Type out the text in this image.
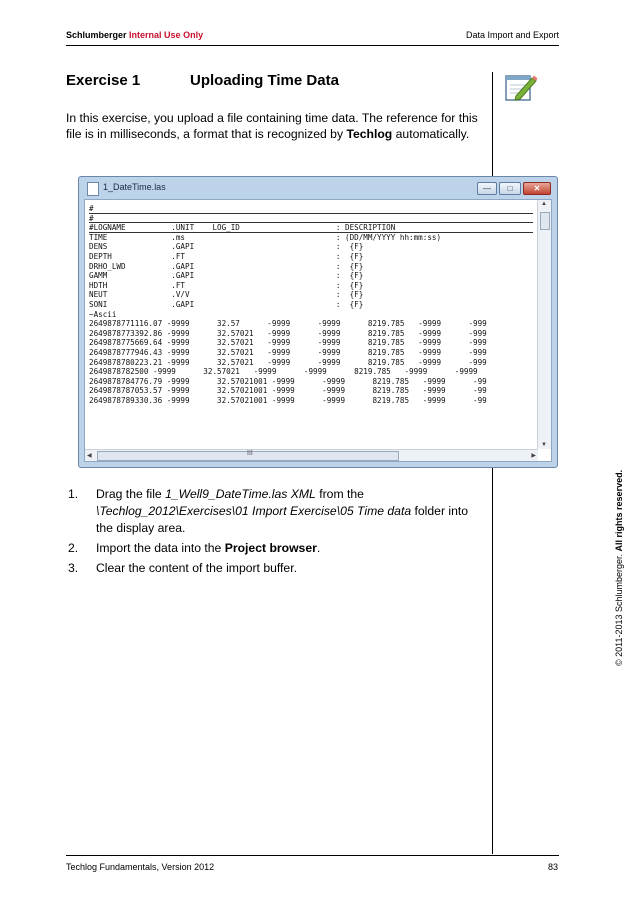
Schlumberger Internal Use Only	Data Import and Export
Exercise 1	Uploading Time Data
In this exercise, you upload a file containing time data. The reference for this file is in milliseconds, a format that is recognized by Techlog automatically.
1_DateTime.las	—	□	✕
#
#
#LOGNAME          .UNIT    LOG_ID                     : DESCRIPTION
TIME              .ms                                 : (DD/MM/YYYY hh:mm:ss)
DENS              .GAPI                               :  {F}
DEPTH             .FT                                 :  {F}
DRHO_LWD          .GAPI                               :  {F}
GAMM              .GAPI                               :  {F}
HDTH              .FT                                 :  {F}
NEUT              .V/V                                :  {F}
SONI              .GAPI                               :  {F}
~Ascii
2649878771116.07 -9999      32.57      -9999      -9999      8219.785   -9999      -999
2649878773392.86 -9999      32.57021   -9999      -9999      8219.785   -9999      -999
2649878775669.64 -9999      32.57021   -9999      -9999      8219.785   -9999      -999
2649878777946.43 -9999      32.57021   -9999      -9999      8219.785   -9999      -999
2649878780223.21 -9999      32.57021   -9999      -9999      8219.785   -9999      -999
2649878782500 -9999      32.57021   -9999      -9999      8219.785   -9999      -9999
2649878784776.79 -9999      32.57021001 -9999      -9999      8219.785   -9999      -99
2649878787053.57 -9999      32.57021001 -9999      -9999      8219.785   -9999      -99
2649878789330.36 -9999      32.57021001 -9999      -9999      8219.785   -9999      -99
▲
▼
◀	III	▶
1. Drag the file 1_Well9_DateTime.las XML from the \Techlog_2012\Exercises\01 Import Exercise\05 Time data folder into the display area.
2. Import the data into the Project browser.
3. Clear the content of the import buffer.	© 2011-2013 Schlumberger. All rights reserved.
Techlog Fundamentals, Version 2012	83
